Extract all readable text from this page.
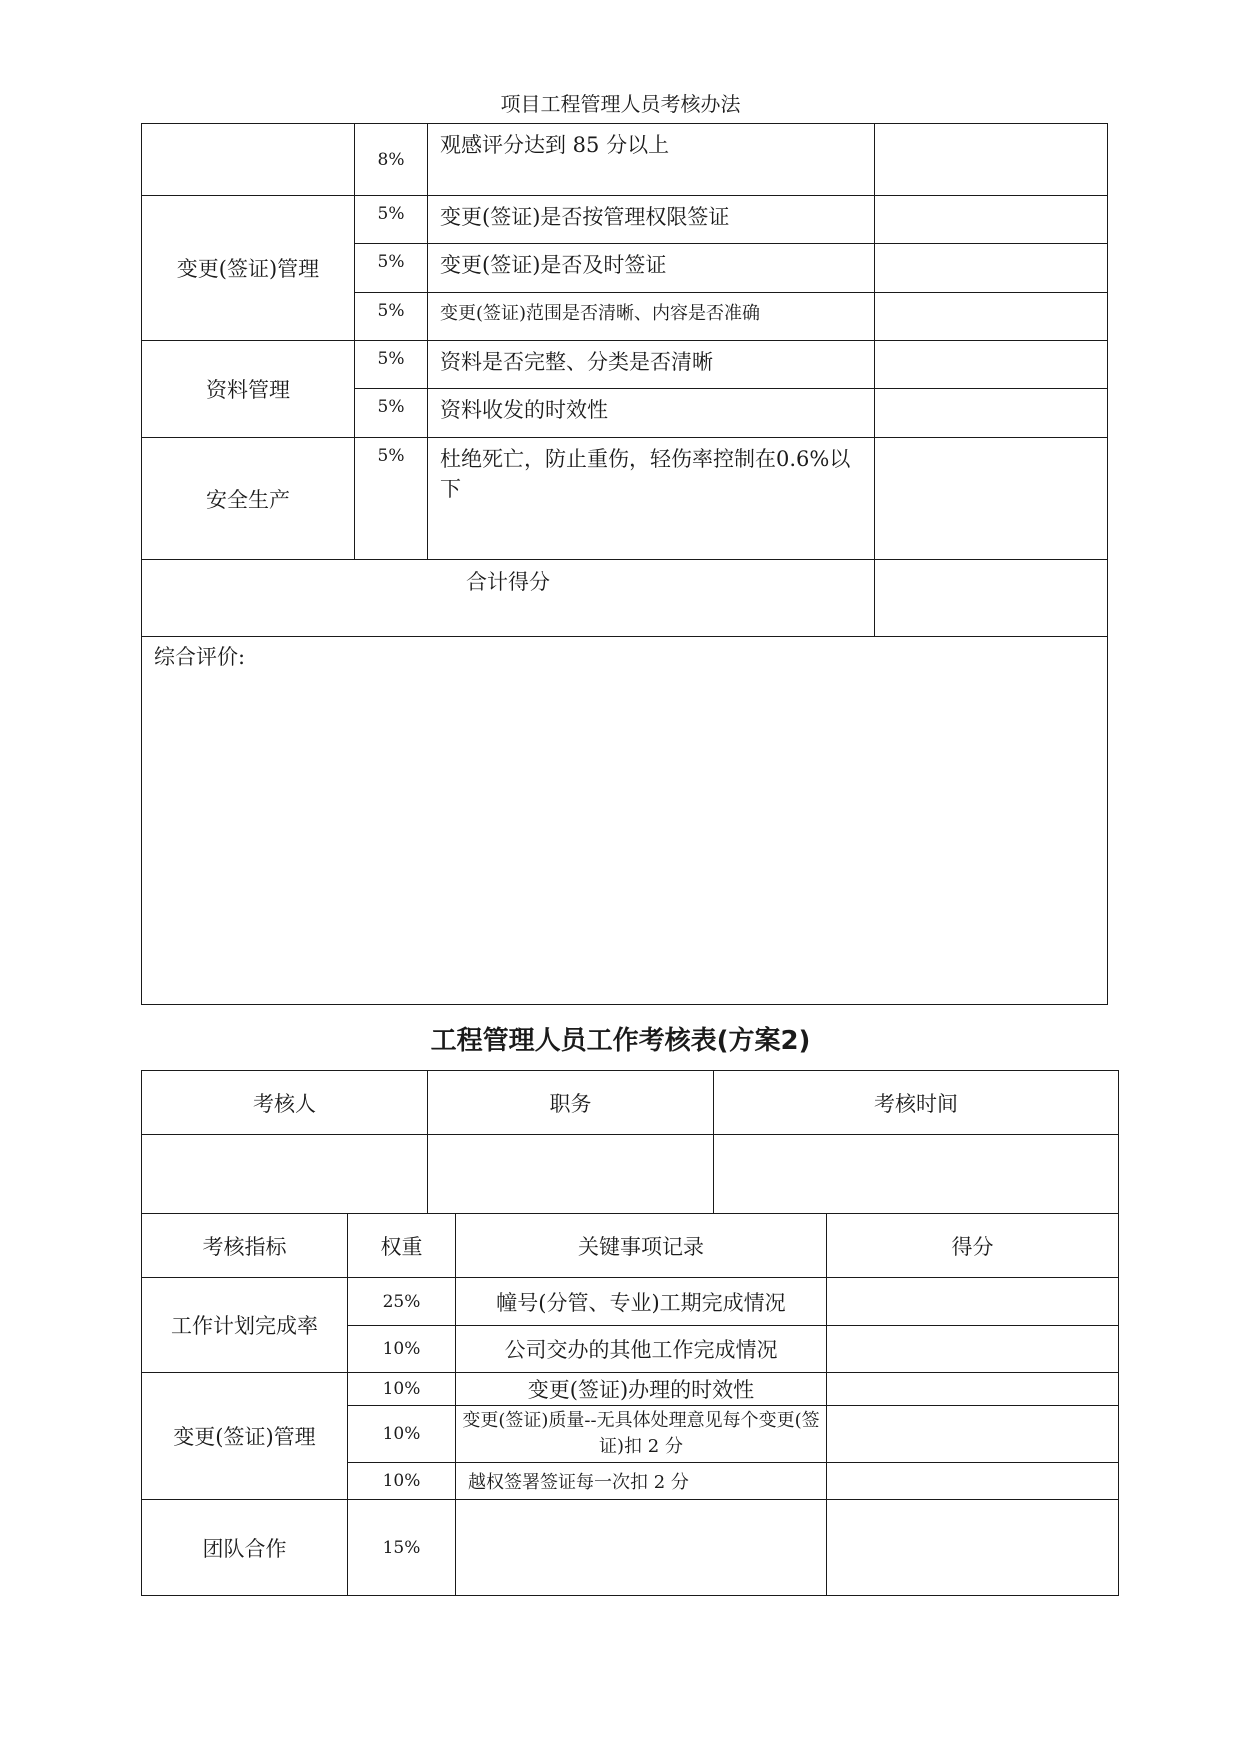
项目工程管理人员考核办法
	8%	观感评分达到 85 分以上	
变更(签证)管理	5%	变更(签证)是否按管理权限签证	
	5%	变更(签证)是否及时签证	
	5%	变更(签证)范围是否清晰、内容是否准确	
资料管理	5%	资料是否完整、分类是否清晰	
	5%	资料收发的时效性	
安全生产	5%	杜绝死亡，防止重伤，轻伤率控制在0.6%以下	
合计得分			
综合评价:			
工程管理人员工作考核表(方案2)
考核人	职务	考核时间

考核指标	权重	关键事项记录	得分
工作计划完成率	25%	幢号(分管、专业)工期完成情况	
	10%	公司交办的其他工作完成情况	
变更(签证)管理	10%	变更(签证)办理的时效性	
	10%	变更(签证)质量--无具体处理意见每个变更(签证)扣 2 分	
	10%	越权签署签证每一次扣 2 分	
团队合作	15%		
